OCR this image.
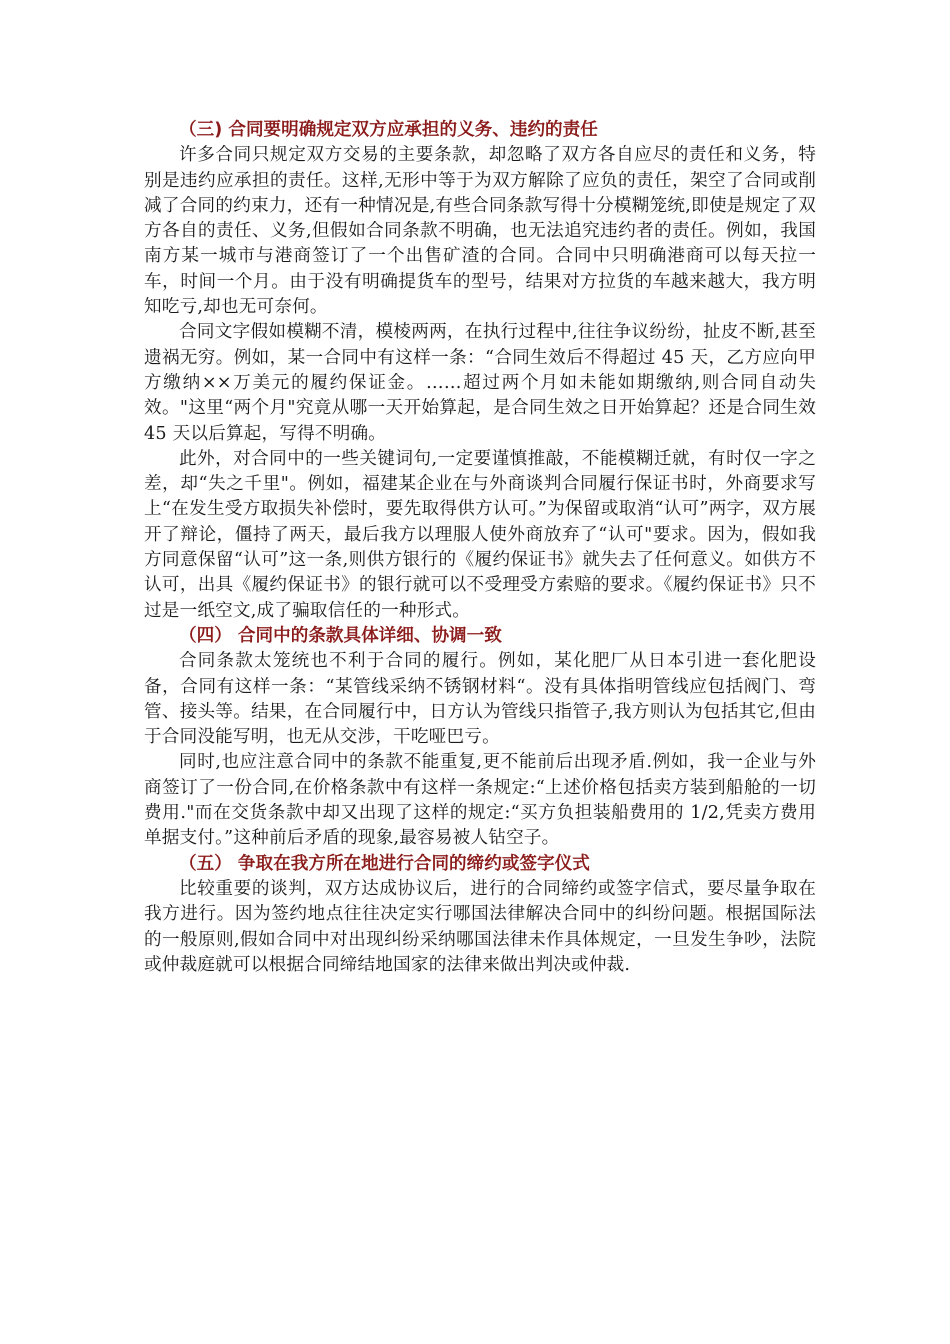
（三) 合同要明确规定双方应承担的义务、违约的责任

许多合同只规定双方交易的主要条款，却忽略了双方各自应尽的责任和义务，特别是违约应承担的责任。这样,无形中等于为双方解除了应负的责任，架空了合同或削减了合同的约束力，还有一种情况是,有些合同条款写得十分模糊笼统,即使是规定了双方各自的责任、义务,但假如合同条款不明确，也无法追究违约者的责任。例如，我国南方某一城市与港商签订了一个出售矿渣的合同。合同中只明确港商可以每天拉一车，时间一个月。由于没有明确提货车的型号，结果对方拉货的车越来越大，我方明知吃亏,却也无可奈何。

合同文字假如模糊不清，模棱两两，在执行过程中,往往争议纷纷，扯皮不断,甚至遗祸无穷。例如，某一合同中有这样一条：“合同生效后不得超过 45 天，乙方应向甲方缴纳××万美元的履约保证金。……超过两个月如未能如期缴纳,则合同自动失效。"这里“两个月"究竟从哪一天开始算起，是合同生效之日开始算起？还是合同生效 45 天以后算起，写得不明确。

此外，对合同中的一些关键词句,一定要谨慎推敲，不能模糊迁就，有时仅一字之差，却“失之千里"。例如，福建某企业在与外商谈判合同履行保证书时，外商要求写上“在发生受方取损失补偿时，要先取得供方认可。”为保留或取消“认可”两字，双方展开了辩论，僵持了两天，最后我方以理服人使外商放弃了“认可"要求。因为，假如我方同意保留“认可”这一条,则供方银行的《履约保证书》就失去了任何意义。如供方不认可，出具《履约保证书》的银行就可以不受理受方索赔的要求。《履约保证书》只不过是一纸空文,成了骗取信任的一种形式。

（四） 合同中的条款具体详细、协调一致

合同条款太笼统也不利于合同的履行。例如，某化肥厂从日本引进一套化肥设备，合同有这样一条：“某管线采纳不锈钢材料“。没有具体指明管线应包括阀门、弯管、接头等。结果，在合同履行中，日方认为管线只指管子,我方则认为包括其它,但由于合同没能写明，也无从交涉，干吃哑巴亏。

同时,也应注意合同中的条款不能重复,更不能前后出现矛盾.例如，我一企业与外商签订了一份合同,在价格条款中有这样一条规定:“上述价格包括卖方装到船舱的一切费用."而在交货条款中却又出现了这样的规定:“买方负担装船费用的 1/2,凭卖方费用单据支付。”这种前后矛盾的现象,最容易被人钻空子。

（五） 争取在我方所在地进行合同的缔约或签字仪式

比较重要的谈判，双方达成协议后，进行的合同缔约或签字信式，要尽量争取在我方进行。因为签约地点往往决定实行哪国法律解决合同中的纠纷问题。根据国际法的一般原则,假如合同中对出现纠纷采纳哪国法律未作具体规定，一旦发生争吵，法院或仲裁庭就可以根据合同缔结地国家的法律来做出判决或仲裁.
